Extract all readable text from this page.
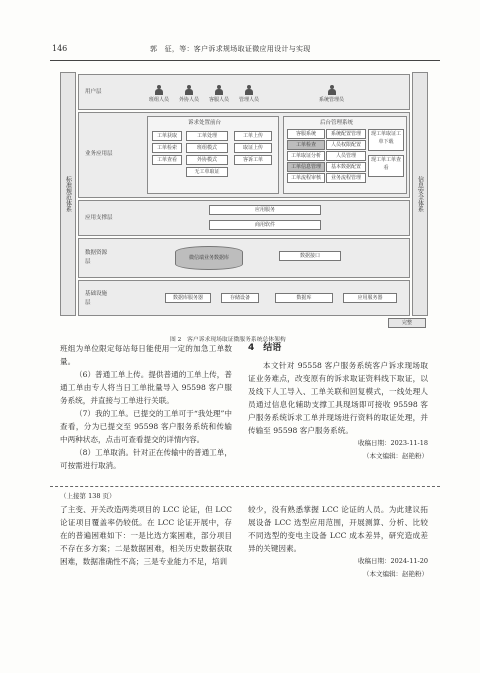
146	郭　征，等：客户诉求规场取证微应用设计与实现
标准规范体系	信息安全体系
用户层
班组人员 外协人员 客服人员 管理人员	系统管理员
业务应用层
诉求处置前台
工单获取
工单检索
工单查看
工单处理
班组模式
外协模式
无工单取证
工单上传
取证上传
客诉工单
后台管理系统
客服系统
工单检查
工单取证分析
工单信息管理
工单流程审核
系统配置管理
人员权限配置
人员管理
基本数据配置
业务流程管理
现工单取证工单下载
现工单工单查看
应用支撑层
应用服务
商用软件
数据资源层
微信端业务数据库	数据接口
基础设施层
数据库服务器	存储设备	数据库	应用服务器
完整
图 2　客户诉求现场取证微服务系统总体架构

班组为单位限定每站每日能使用一定的加急工单数量。

（6）普通工单上传。提供普通的工单上传，普通工单由专人将当日工单批量导入 95598 客户服务系统，并直接与工单进行关联。

（7）我的工单。已提交的工单可于“我处理”中查看，分为已提交至 95598 客户服务系统和传输中两种状态，点击可查看提交的详情内容。

（8）工单取消。针对正在传输中的普通工单，可按需进行取消。

4　结语

本文针对 95558 客户服务系统客户诉求现场取证业务难点，改变原有的诉求取证资料线下取证，以及线下人工导入、工单关联和回复模式，一线处理人员通过信息化辅助支撑工具现场即可接收 95598 客户服务系统诉求工单并现场进行资料的取证处理，并传输至 95598 客户服务系统。

收稿日期：2023-11-18

（本文编辑：赵艳粉）

（上接第 138 页）

了主变、开关改造两类项目的 LCC 论证，但 LCC 论证项目覆盖率仍较低。在 LCC 论证开展中，存在的普遍困难如下：一是比选方案困难，部分项目不存在多方案；二是数据困难，相关历史数据获取困难，数据准确性不高；三是专业能力不足，培训

较少，没有熟悉掌握 LCC 论证的人员。为此建议拓展设备 LCC 选型应用范围，开展测算、分析、比较不同选型的变电主设备 LCC 成本差异，研究造成差异的关键因素。

收稿日期：2024-11-20

（本文编辑：赵艳粉）
